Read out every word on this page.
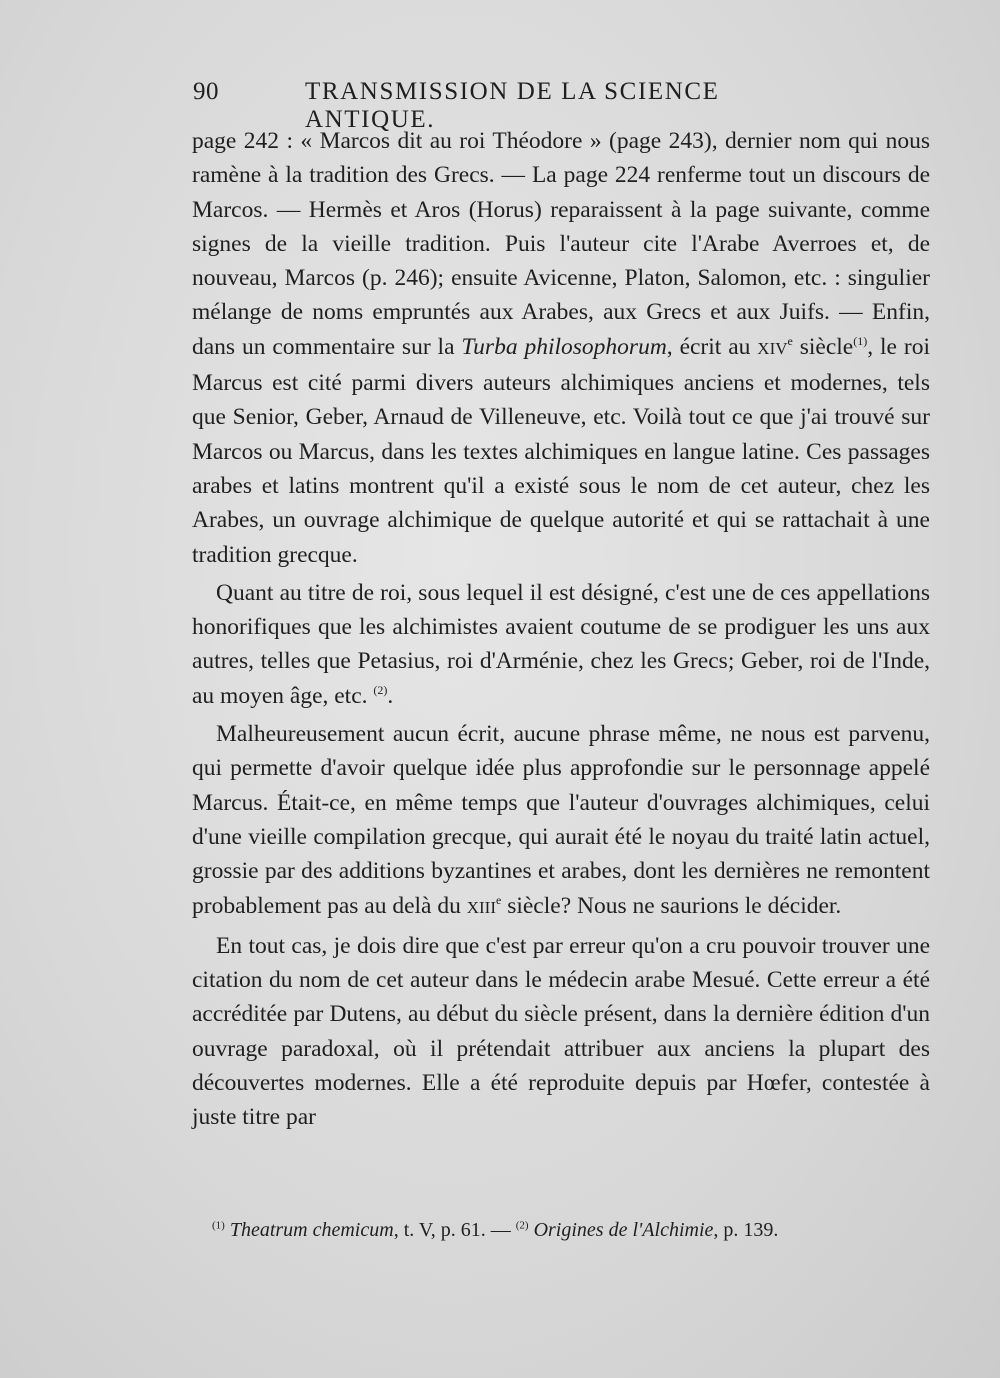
90	TRANSMISSION DE LA SCIENCE ANTIQUE.

page 242 : « Marcos dit au roi Théodore » (page 243), dernier nom qui nous ramène à la tradition des Grecs. — La page 224 renferme tout un discours de Marcos. — Hermès et Aros (Horus) reparaissent à la page suivante, comme signes de la vieille tradition. Puis l'auteur cite l'Arabe Averroes et, de nouveau, Marcos (p. 246); ensuite Avicenne, Platon, Salomon, etc. : singulier mélange de noms empruntés aux Arabes, aux Grecs et aux Juifs. — Enfin, dans un commentaire sur la Turba philosophorum, écrit au XIVe siècle$^{(1)}$, le roi Marcus est cité parmi divers auteurs alchimiques anciens et modernes, tels que Senior, Geber, Arnaud de Villeneuve, etc. Voilà tout ce que j'ai trouvé sur Marcos ou Marcus, dans les textes alchimiques en langue latine. Ces passages arabes et latins montrent qu'il a existé sous le nom de cet auteur, chez les Arabes, un ouvrage alchimique de quelque autorité et qui se rattachait à une tradition grecque.

Quant au titre de roi, sous lequel il est désigné, c'est une de ces appellations honorifiques que les alchimistes avaient coutume de se prodiguer les uns aux autres, telles que Petasius, roi d'Arménie, chez les Grecs; Geber, roi de l'Inde, au moyen âge, etc. $^{(2)}$.

Malheureusement aucun écrit, aucune phrase même, ne nous est parvenu, qui permette d'avoir quelque idée plus approfondie sur le personnage appelé Marcus. Était-ce, en même temps que l'auteur d'ouvrages alchimiques, celui d'une vieille compilation grecque, qui aurait été le noyau du traité latin actuel, grossie par des additions byzantines et arabes, dont les dernières ne remontent probablement pas au delà du XIIIe siècle? Nous ne saurions le décider.

En tout cas, je dois dire que c'est par erreur qu'on a cru pouvoir trouver une citation du nom de cet auteur dans le médecin arabe Mesué. Cette erreur a été accréditée par Dutens, au début du siècle présent, dans la dernière édition d'un ouvrage paradoxal, où il prétendait attribuer aux anciens la plupart des découvertes modernes. Elle a été reproduite depuis par Hœfer, contestée à juste titre par

$^{(1)}$ Theatrum chemicum, t. V, p. 61. — $^{(2)}$ Origines de l'Alchimie, p. 139.
